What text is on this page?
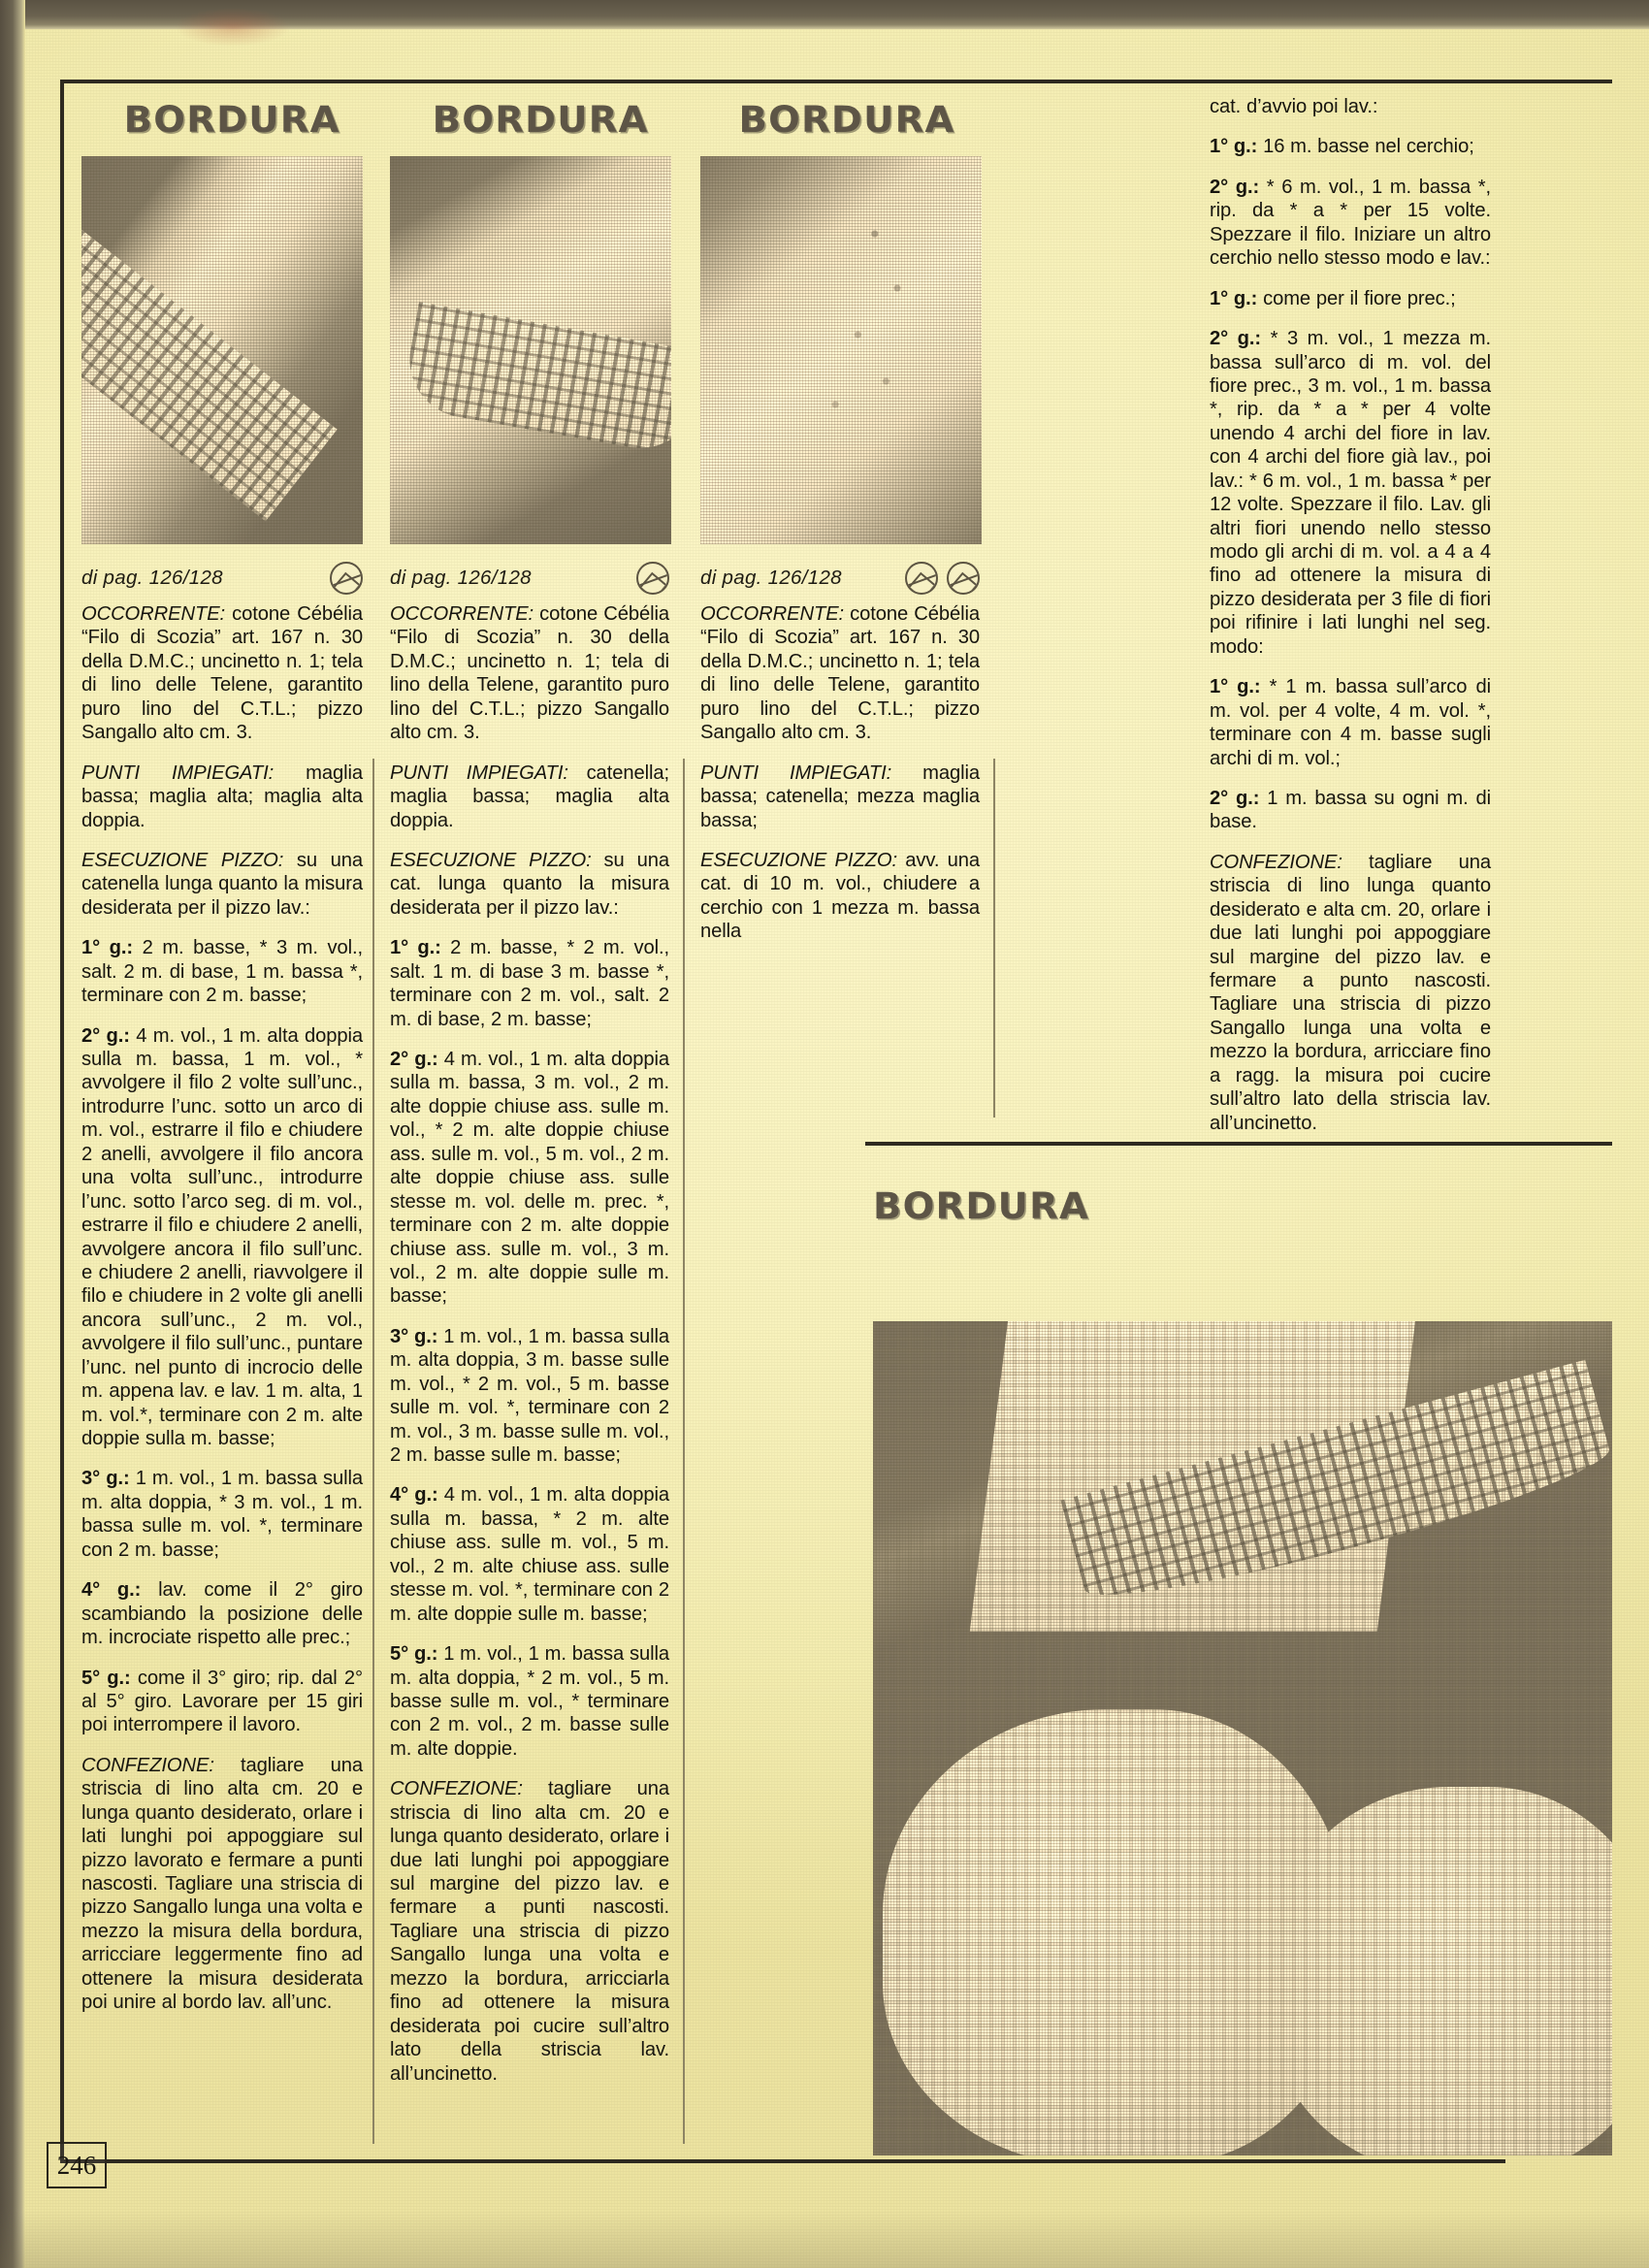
BORDURA
di pag. 126/128

OCCORRENTE: cotone Cébélia “Filo di Scozia” art. 167 n. 30 della D.M.C.; uncinetto n. 1; tela di lino delle Telene, garantito puro lino del C.T.L.; pizzo Sangallo alto cm. 3.

PUNTI IMPIEGATI: maglia bassa; maglia alta; maglia alta doppia.

ESECUZIONE PIZZO: su una catenella lunga quanto la misura desiderata per il pizzo lav.:

1° g.: 2 m. basse, * 3 m. vol., salt. 2 m. di base, 1 m. bassa *, terminare con 2 m. basse;

2° g.: 4 m. vol., 1 m. alta doppia sulla m. bassa, 1 m. vol., * avvolgere il filo 2 volte sull’unc., introdurre l’unc. sotto un arco di m. vol., estrarre il filo e chiudere 2 anelli, avvolgere il filo ancora una volta sull’unc., introdurre l’unc. sotto l’arco seg. di m. vol., estrarre il filo e chiudere 2 anelli, avvolgere ancora il filo sull’unc. e chiudere 2 anelli, riavvolgere il filo e chiudere in 2 volte gli anelli ancora sull’unc., 2 m. vol., avvolgere il filo sull’unc., puntare l’unc. nel punto di incrocio delle m. appena lav. e lav. 1 m. alta, 1 m. vol.*, terminare con 2 m. alte doppie sulla m. basse;

3° g.: 1 m. vol., 1 m. bassa sulla m. alta doppia, * 3 m. vol., 1 m. bassa sulle m. vol. *, terminare con 2 m. basse;

4° g.: lav. come il 2° giro scambiando la posizione delle m. incrociate rispetto alle prec.;

5° g.: come il 3° giro; rip. dal 2° al 5° giro. Lavorare per 15 giri poi interrompere il lavoro.

CONFEZIONE: tagliare una striscia di lino alta cm. 20 e lunga quanto desiderato, orlare i lati lunghi poi appoggiare sul pizzo lavorato e fermare a punti nascosti. Tagliare una striscia di pizzo Sangallo lunga una volta e mezzo la misura della bordura, arricciare leggermente fino ad ottenere la misura desiderata poi unire al bordo lav. all’unc.

BORDURA
di pag. 126/128

OCCORRENTE: cotone Cébélia “Filo di Scozia” n. 30 della D.M.C.; uncinetto n. 1; tela di lino della Telene, garantito puro lino del C.T.L.; pizzo Sangallo alto cm. 3.

PUNTI IMPIEGATI: catenella; maglia bassa; maglia alta doppia.

ESECUZIONE PIZZO: su una cat. lunga quanto la misura desiderata per il pizzo lav.:

1° g.: 2 m. basse, * 2 m. vol., salt. 1 m. di base 3 m. basse *, terminare con 2 m. vol., salt. 2 m. di base, 2 m. basse;

2° g.: 4 m. vol., 1 m. alta doppia sulla m. bassa, 3 m. vol., 2 m. alte doppie chiuse ass. sulle m. vol., * 2 m. alte doppie chiuse ass. sulle m. vol., 5 m. vol., 2 m. alte doppie chiuse ass. sulle stesse m. vol. delle m. prec. *, terminare con 2 m. alte doppie chiuse ass. sulle m. vol., 3 m. vol., 2 m. alte doppie sulle m. basse;

3° g.: 1 m. vol., 1 m. bassa sulla m. alta doppia, 3 m. basse sulle m. vol., * 2 m. vol., 5 m. basse sulle m. vol. *, terminare con 2 m. vol., 3 m. basse sulle m. vol., 2 m. basse sulle m. basse;

4° g.: 4 m. vol., 1 m. alta doppia sulla m. bassa, * 2 m. alte chiuse ass. sulle m. vol., 5 m. vol., 2 m. alte chiuse ass. sulle stesse m. vol. *, terminare con 2 m. alte doppie sulle m. basse;

5° g.: 1 m. vol., 1 m. bassa sulla m. alta doppia, * 2 m. vol., 5 m. basse sulle m. vol., * terminare con 2 m. vol., 2 m. basse sulle m. alte doppie.

CONFEZIONE: tagliare una striscia di lino alta cm. 20 e lunga quanto desiderato, orlare i due lati lunghi poi appoggiare sul margine del pizzo lav. e fermare a punti nascosti. Tagliare una striscia di pizzo Sangallo lunga una volta e mezzo la bordura, arricciarla fino ad ottenere la misura desiderata poi cucire sull’altro lato della striscia lav. all’uncinetto.

BORDURA
di pag. 126/128

OCCORRENTE: cotone Cébélia “Filo di Scozia” art. 167 n. 30 della D.M.C.; uncinetto n. 1; tela di lino delle Telene, garantito puro lino del C.T.L.; pizzo Sangallo alto cm. 3.

PUNTI IMPIEGATI: maglia bassa; catenella; mezza maglia bassa;

ESECUZIONE PIZZO: avv. una cat. di 10 m. vol., chiudere a cerchio con 1 mezza m. bassa nella

cat. d’avvio poi lav.:

1° g.: 16 m. basse nel cerchio;

2° g.: * 6 m. vol., 1 m. bassa *, rip. da * a * per 15 volte. Spezzare il filo. Iniziare un altro cerchio nello stesso modo e lav.:

1° g.: come per il fiore prec.;

2° g.: * 3 m. vol., 1 mezza m. bassa sull’arco di m. vol. del fiore prec., 3 m. vol., 1 m. bassa *, rip. da * a * per 4 volte unendo 4 archi del fiore in lav. con 4 archi del fiore già lav., poi lav.: * 6 m. vol., 1 m. bassa * per 12 volte. Spezzare il filo. Lav. gli altri fiori unendo nello stesso modo gli archi di m. vol. a 4 a 4 fino ad ottenere la misura di pizzo desiderata per 3 file di fiori poi rifinire i lati lunghi nel seg. modo:

1° g.: * 1 m. bassa sull’arco di m. vol. per 4 volte, 4 m. vol. *, terminare con 4 m. basse sugli archi di m. vol.;

2° g.: 1 m. bassa su ogni m. di base.

CONFEZIONE: tagliare una striscia di lino lunga quanto desiderato e alta cm. 20, orlare i due lati lunghi poi appoggiare sul margine del pizzo lav. e fermare a punto nascosti. Tagliare una striscia di pizzo Sangallo lunga una volta e mezzo la bordura, arricciare fino a ragg. la misura poi cucire sull’altro lato della striscia lav. all’uncinetto.

BORDURA
246
